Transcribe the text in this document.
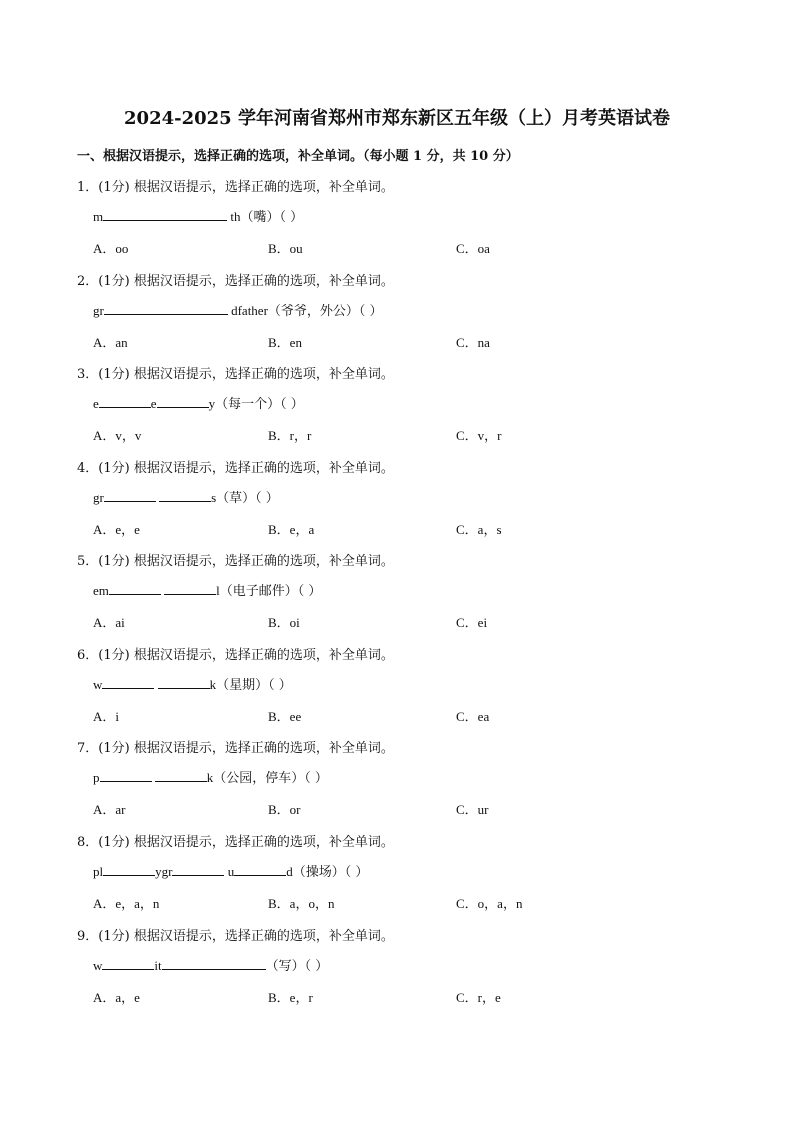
2024-2025 学年河南省郑州市郑东新区五年级（上）月考英语试卷
一、根据汉语提示，选择正确的选项，补全单词。（每小题 1 分，共 10 分）
1．(1分) 根据汉语提示，选择正确的选项，补全单词。
m	th（嘴）（ ）
A．oo	B．ou	C．oa
2．(1分) 根据汉语提示，选择正确的选项，补全单词。
gr	dfather（爷爷，外公）（ ）
A．an	B．en	C．na
3．(1分) 根据汉语提示，选择正确的选项，补全单词。
e	e	y（每一个）（ ）
A．v，v	B．r，r	C．v，r
4．(1分) 根据汉语提示，选择正确的选项，补全单词。
gr	s（草）（ ）
A．e，e	B．e，a	C．a，s
5．(1分) 根据汉语提示，选择正确的选项，补全单词。
em	l（电子邮件）（ ）
A．ai	B．oi	C．ei
6．(1分) 根据汉语提示，选择正确的选项，补全单词。
w	k（星期）（ ）
A．i	B．ee	C．ea
7．(1分) 根据汉语提示，选择正确的选项，补全单词。
p	k（公园，停车）（ ）
A．ar	B．or	C．ur
8．(1分) 根据汉语提示，选择正确的选项，补全单词。
pl	ygr	u	d（操场）（ ）
A．e，a，n	B．a，o，n	C．o，a，n
9．(1分) 根据汉语提示，选择正确的选项，补全单词。
w	it	（写）（ ）
A．a，e	B．e，r	C．r，e
